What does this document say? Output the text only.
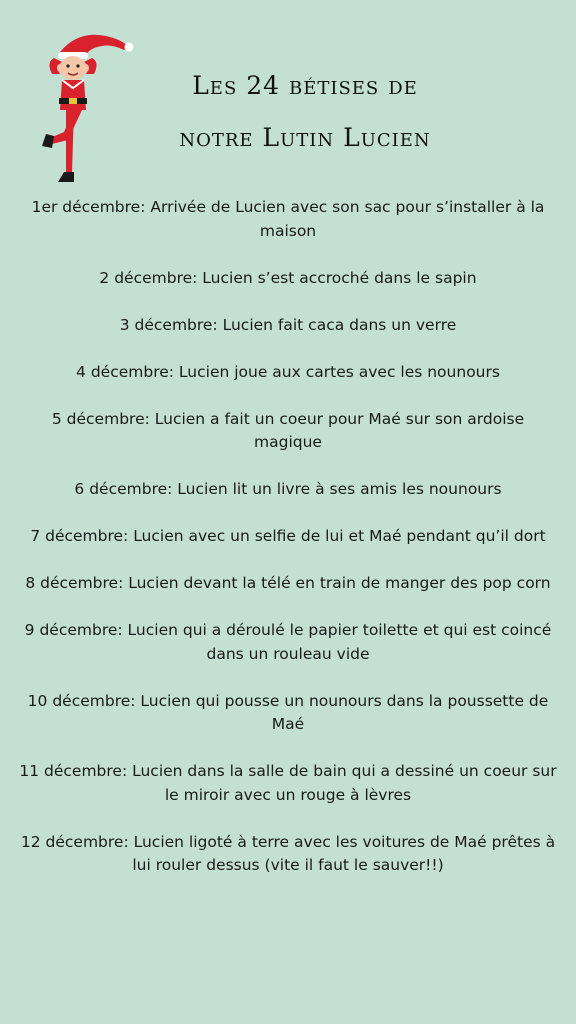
Les 24 bétises de
notre Lutin Lucien
1er décembre: Arrivée de Lucien avec son sac pour s’installer à la maison
2 décembre: Lucien s’est accroché dans le sapin
3 décembre: Lucien fait caca dans un verre
4 décembre: Lucien joue aux cartes avec les nounours
5 décembre: Lucien a fait un coeur pour Maé sur son ardoise magique
6 décembre: Lucien lit un livre à ses amis les nounours
7 décembre: Lucien avec un selfie de lui et Maé pendant qu’il dort
8 décembre: Lucien devant la télé en train de manger des pop corn
9 décembre: Lucien qui a déroulé le papier toilette et qui est coincé dans un rouleau vide
10 décembre: Lucien qui pousse un nounours dans la poussette de Maé
11 décembre: Lucien dans la salle de bain qui a dessiné un coeur sur le miroir avec un rouge à lèvres
12 décembre: Lucien ligoté à terre avec les voitures de Maé prêtes à lui rouler dessus (vite il faut le sauver!!)
